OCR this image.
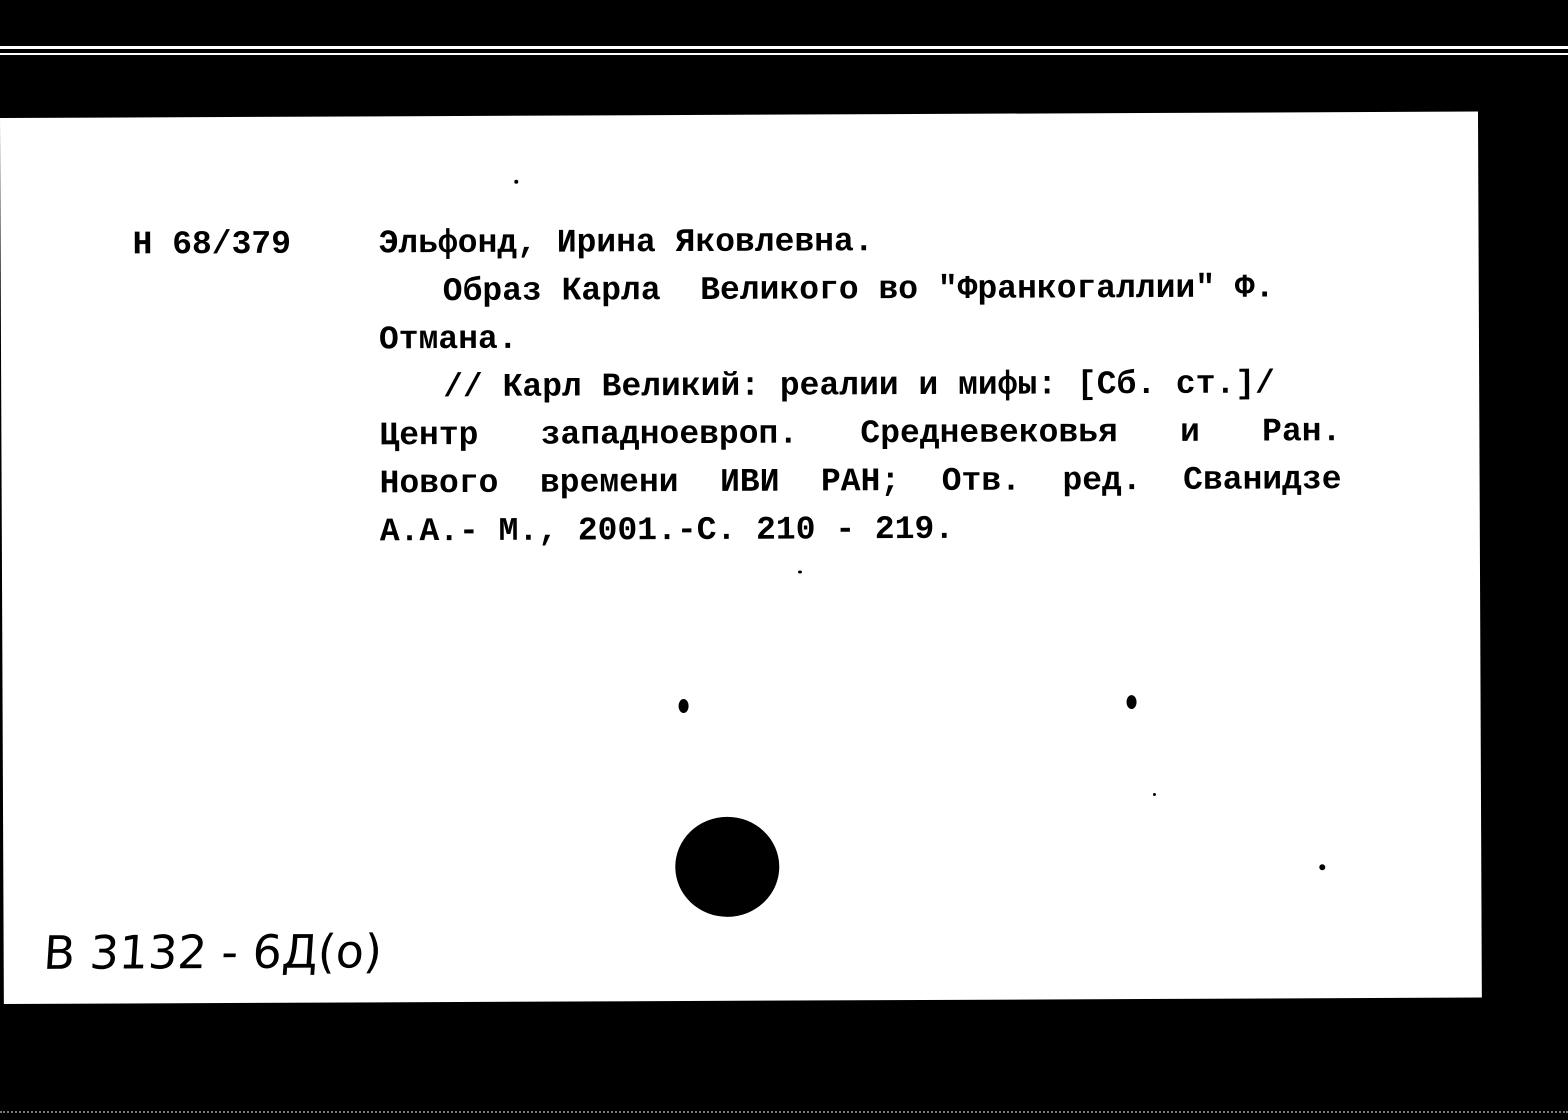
Н 68/379	Эльфонд, Ирина Яковлевна.
Образ Карла  Великого во "Франкогаллии" Ф.
Отмана.
// Карл Великий: реалии и мифы: [Сб. ст.]/
Центр западноевроп. Средневековья и Ран.
Нового времени ИВИ РАН; Отв. ред. Сванидзе
А.А.- М., 2001.-С. 210 - 219.
В 3132 - 6Д(о)
